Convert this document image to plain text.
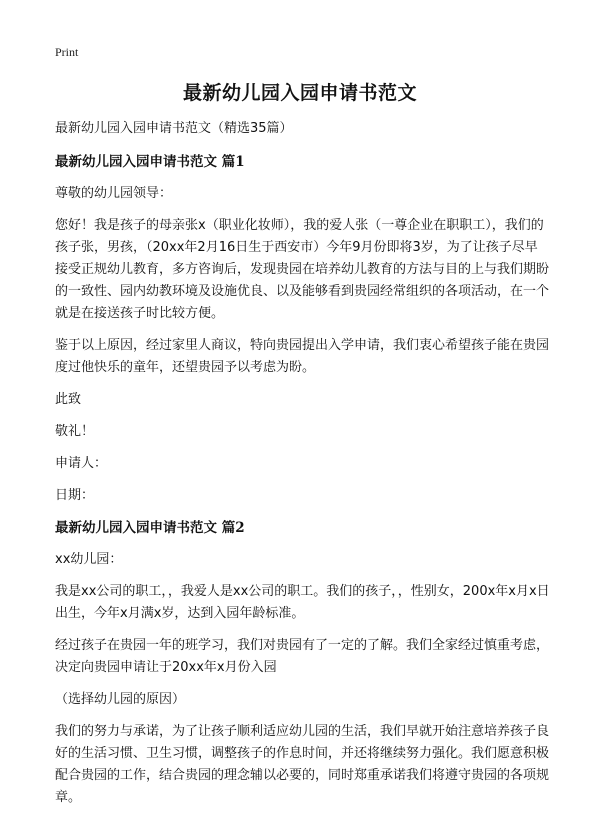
Print
最新幼儿园入园申请书范文

最新幼儿园入园申请书范文（精选35篇）

最新幼儿园入园申请书范文 篇1

尊敬的幼儿园领导：

您好！我是孩子的母亲张x（职业化妆师），我的爱人张（一尊企业在职职工），我们的孩子张，男孩，（20xx年2月16日生于西安市）今年9月份即将3岁，为了让孩子尽早接受正规幼儿教育，多方咨询后，发现贵园在培养幼儿教育的方法与目的上与我们期盼的一致性、园内幼教环境及设施优良、以及能够看到贵园经常组织的各项活动，在一个就是在接送孩子时比较方便。

鉴于以上原因，经过家里人商议，特向贵园提出入学申请，我们衷心希望孩子能在贵园度过他快乐的童年，还望贵园予以考虑为盼。

此致

敬礼！

申请人：

日期：

最新幼儿园入园申请书范文 篇2

xx幼儿园：

我是xx公司的职工，，我爱人是xx公司的职工。我们的孩子，，性别女，200x年x月x日出生，今年x月满x岁，达到入园年龄标准。

经过孩子在贵园一年的班学习，我们对贵园有了一定的了解。我们全家经过慎重考虑，决定向贵园申请让于20xx年x月份入园

（选择幼儿园的原因）

我们的努力与承诺，为了让孩子顺利适应幼儿园的生活，我们早就开始注意培养孩子良好的生活习惯、卫生习惯，调整孩子的作息时间，并还将继续努力强化。我们愿意积极配合贵园的工作，结合贵园的理念辅以必要的，同时郑重承诺我们将遵守贵园的各项规章。
